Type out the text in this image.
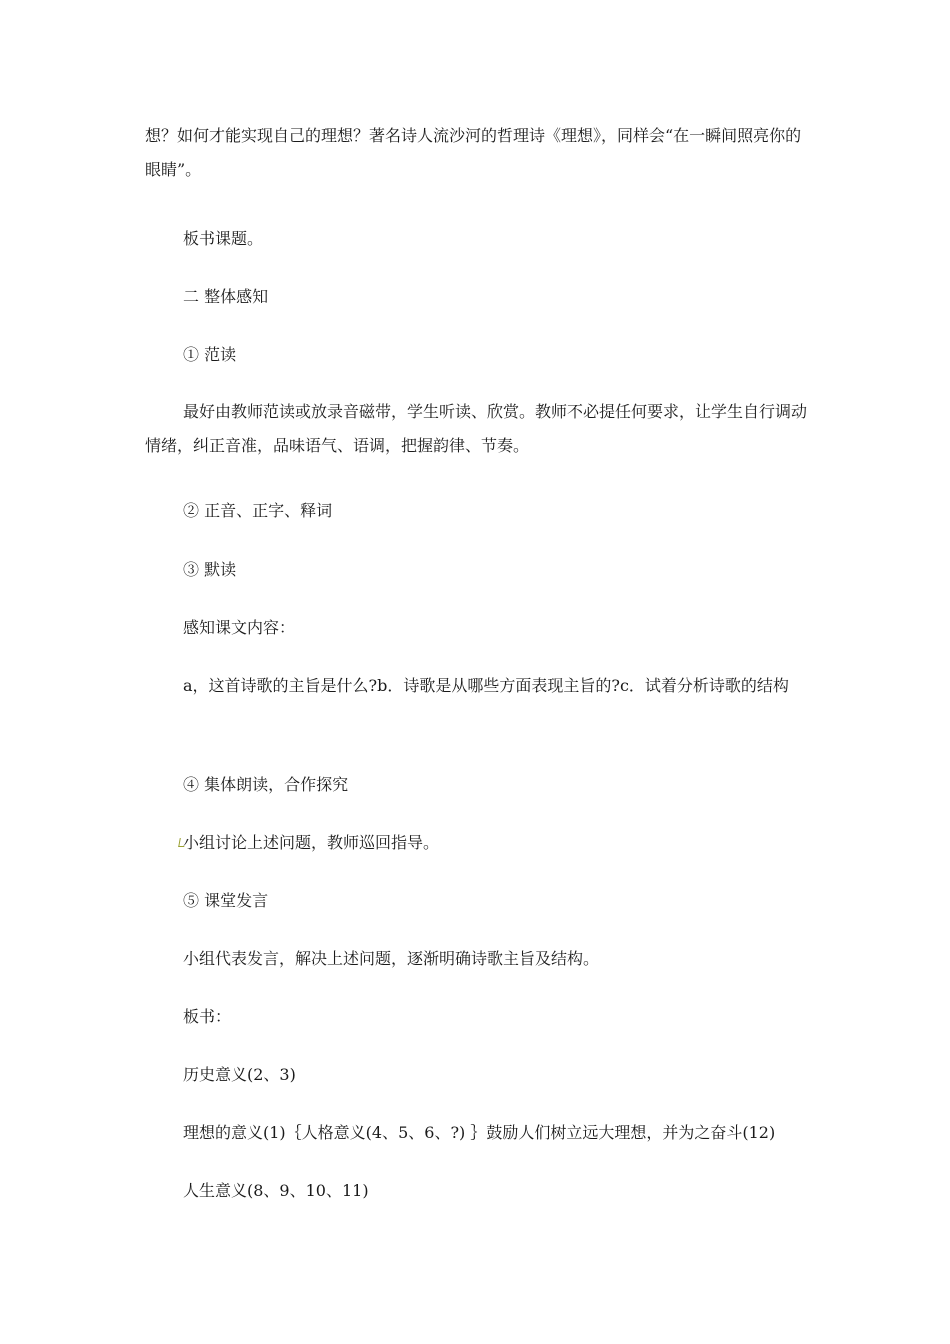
想？如何才能实现自己的理想？著名诗人流沙河的哲理诗《理想》，同样会“在一瞬间照亮你的眼睛”。

板书课题。

二 整体感知

① 范读

最好由教师范读或放录音磁带，学生听读、欣赏。教师不必提任何要求，让学生自行调动情绪，纠正音准，品味语气、语调，把握韵律、节奏。

② 正音、正字、释词

③ 默读

感知课文内容：

a，这首诗歌的主旨是什么?b．诗歌是从哪些方面表现主旨的?c．试着分析诗歌的结构

④ 集体朗读，合作探究

小组讨论上述问题，教师巡回指导。

⑤ 课堂发言

小组代表发言，解决上述问题，逐渐明确诗歌主旨及结构。

板书：

历史意义(2、3)

理想的意义(1)｛人格意义(4、5、6、?) ｝鼓励人们树立远大理想，并为之奋斗(12)

人生意义(8、9、10、11)
